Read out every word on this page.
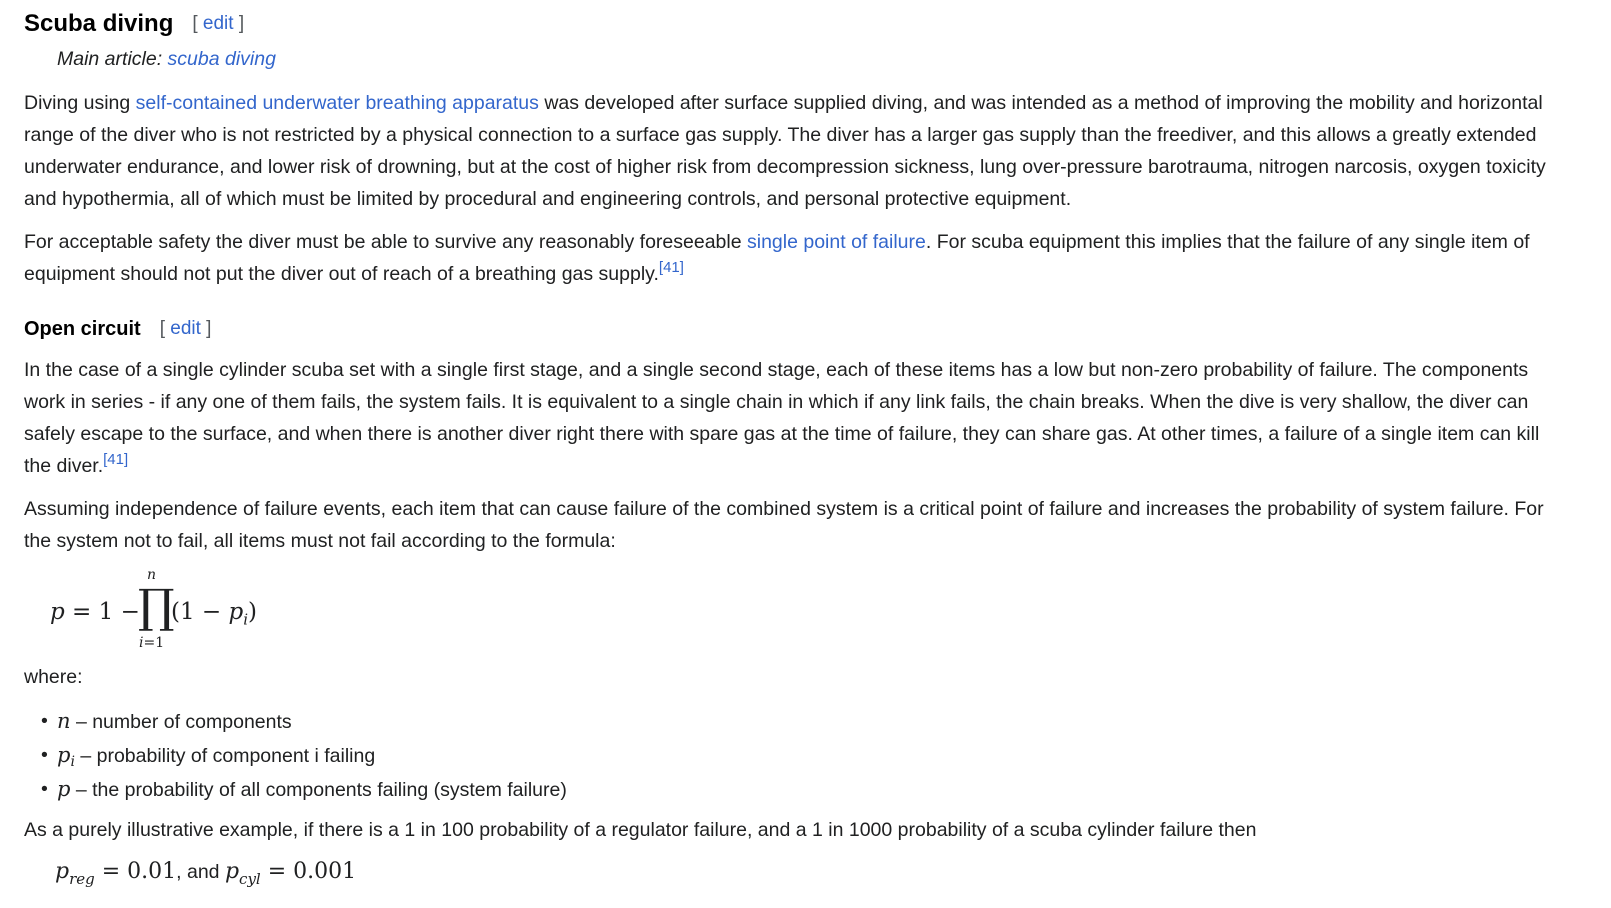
Scuba diving [ edit ]
Main article: scuba diving

Diving using self-contained underwater breathing apparatus was developed after surface supplied diving, and was intended as a method of improving the mobility and horizontal range of the diver who is not restricted by a physical connection to a surface gas supply. The diver has a larger gas supply than the freediver, and this allows a greatly extended underwater endurance, and lower risk of drowning, but at the cost of higher risk from decompression sickness, lung over-pressure barotrauma, nitrogen narcosis, oxygen toxicity and hypothermia, all of which must be limited by procedural and engineering controls, and personal protective equipment.

For acceptable safety the diver must be able to survive any reasonably foreseeable single point of failure. For scuba equipment this implies that the failure of any single item of equipment should not put the diver out of reach of a breathing gas supply.[41]

Open circuit [ edit ]

In the case of a single cylinder scuba set with a single first stage, and a single second stage, each of these items has a low but non-zero probability of failure. The components work in series - if any one of them fails, the system fails. It is equivalent to a single chain in which if any link fails, the chain breaks. When the dive is very shallow, the diver can safely escape to the surface, and when there is another diver right there with spare gas at the time of failure, they can share gas. At other times, a failure of a single item can kill the diver.[41]

Assuming independence of failure events, each item that can cause failure of the combined system is a critical point of failure and increases the probability of system failure. For the system not to fail, all items must not fail according to the formula:

p = 1 −
n
∏
i=1
$(1 - p_i)$
where:
• n – number of components
• $p_i$ – probability of component i failing
• p – the probability of all components failing (system failure)

As a purely illustrative example, if there is a 1 in 100 probability of a regulator failure, and a 1 in 1000 probability of a scuba cylinder failure then

$p_{reg} = 0.01$, and $p_{cyl} = 0.001$
